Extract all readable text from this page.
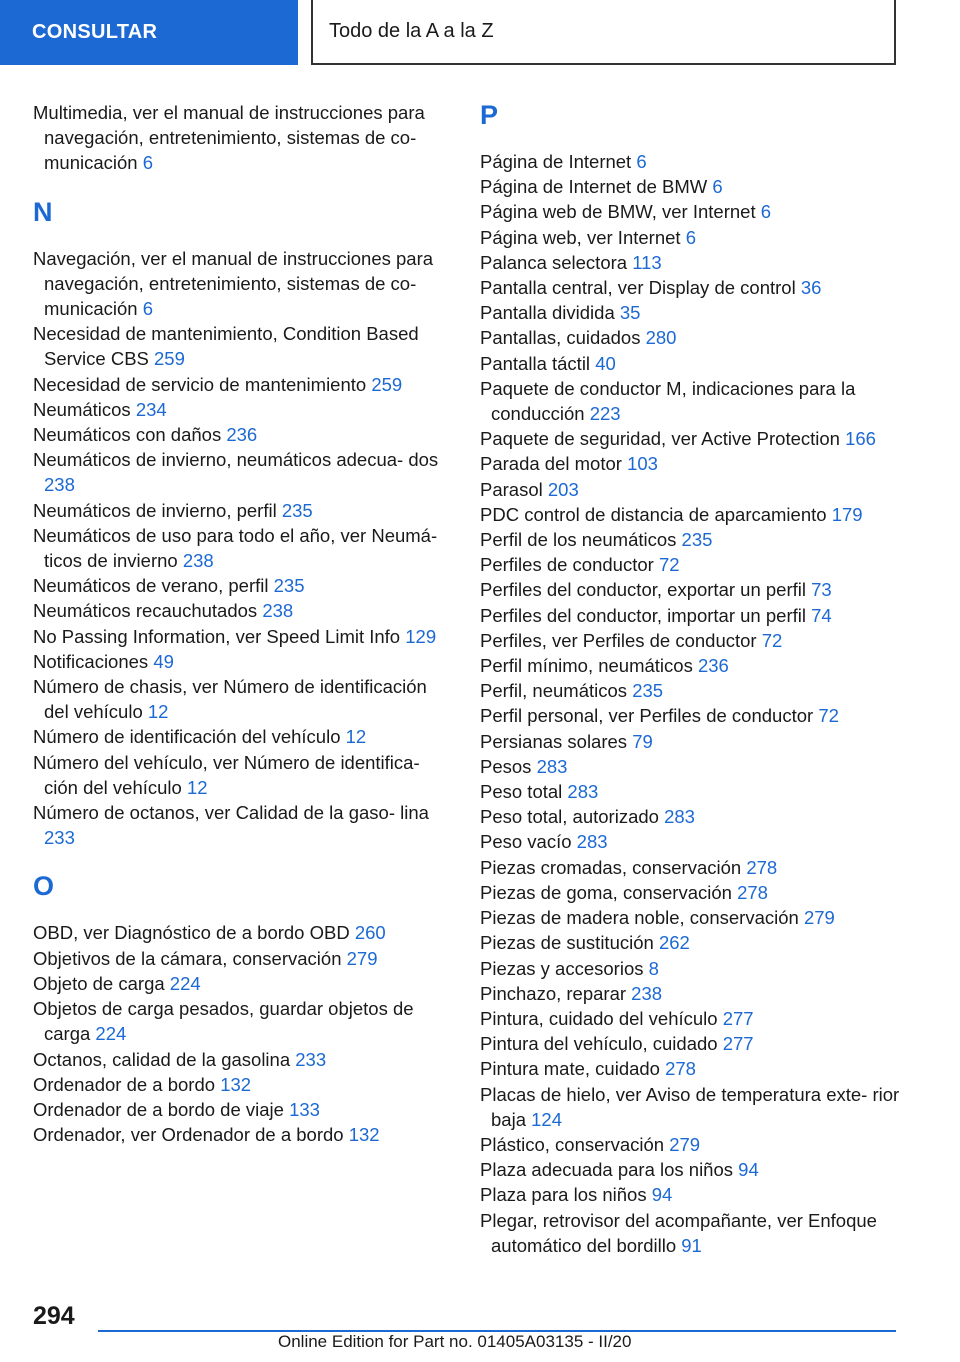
CONSULTAR	Todo de la A a la Z
Multimedia, ver el manual de instrucciones para navegación, entretenimiento, sistemas de co‐ municación 6
N
Navegación, ver el manual de instrucciones para navegación, entretenimiento, sistemas de co‐ municación 6
Necesidad de mantenimiento, Condition Based Service CBS 259
Necesidad de servicio de mantenimiento 259
Neumáticos 234
Neumáticos con daños 236
Neumáticos de invierno, neumáticos adecua‐ dos 238
Neumáticos de invierno, perfil 235
Neumáticos de uso para todo el año, ver Neumá‐ ticos de invierno 238
Neumáticos de verano, perfil 235
Neumáticos recauchutados 238
No Passing Information, ver Speed Limit Info 129
Notificaciones 49
Número de chasis, ver Número de identificación del vehículo 12
Número de identificación del vehículo 12
Número del vehículo, ver Número de identifica‐ ción del vehículo 12
Número de octanos, ver Calidad de la gaso‐ lina 233
O
OBD, ver Diagnóstico de a bordo OBD 260
Objetivos de la cámara, conservación 279
Objeto de carga 224
Objetos de carga pesados, guardar objetos de carga 224
Octanos, calidad de la gasolina 233
Ordenador de a bordo 132
Ordenador de a bordo de viaje 133
Ordenador, ver Ordenador de a bordo 132
P
Página de Internet 6
Página de Internet de BMW 6
Página web de BMW, ver Internet 6
Página web, ver Internet 6
Palanca selectora 113
Pantalla central, ver Display de control 36
Pantalla dividida 35
Pantallas, cuidados 280
Pantalla táctil 40
Paquete de conductor M, indicaciones para la conducción 223
Paquete de seguridad, ver Active Protection 166
Parada del motor 103
Parasol 203
PDC control de distancia de aparcamiento 179
Perfil de los neumáticos 235
Perfiles de conductor 72
Perfiles del conductor, exportar un perfil 73
Perfiles del conductor, importar un perfil 74
Perfiles, ver Perfiles de conductor 72
Perfil mínimo, neumáticos 236
Perfil, neumáticos 235
Perfil personal, ver Perfiles de conductor 72
Persianas solares 79
Pesos 283
Peso total 283
Peso total, autorizado 283
Peso vacío 283
Piezas cromadas, conservación 278
Piezas de goma, conservación 278
Piezas de madera noble, conservación 279
Piezas de sustitución 262
Piezas y accesorios 8
Pinchazo, reparar 238
Pintura, cuidado del vehículo 277
Pintura del vehículo, cuidado 277
Pintura mate, cuidado 278
Placas de hielo, ver Aviso de temperatura exte‐ rior baja 124
Plástico, conservación 279
Plaza adecuada para los niños 94
Plaza para los niños 94
Plegar, retrovisor del acompañante, ver Enfoque automático del bordillo 91
294
Online Edition for Part no. 01405A03135 - II/20
